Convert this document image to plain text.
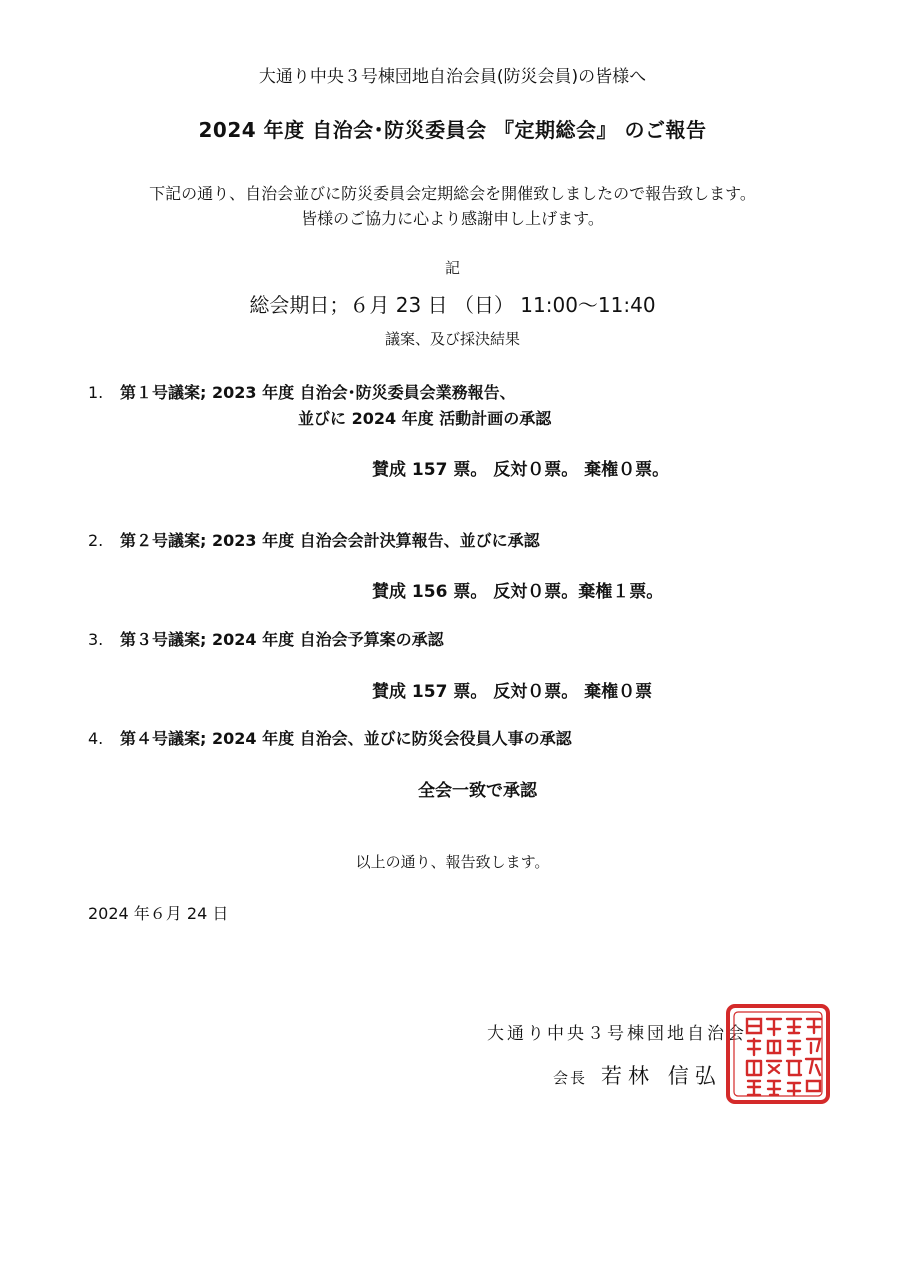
大通り中央３号棟団地自治会員(防災会員)の皆様へ
2024 年度 自治会･防災委員会 『定期総会』 のご報告
下記の通り、自治会並びに防災委員会定期総会を開催致しましたので報告致します。
皆様のご協力に心より感謝申し上げます。
記
総会期日；６月 23 日 （日） 11:00～11:40
議案、及び採決結果
1. 第１号議案; 2023 年度 自治会･防災委員会業務報告、
並びに 2024 年度 活動計画の承認
賛成 157 票。 反対０票。 棄権０票。
2. 第２号議案; 2023 年度 自治会会計決算報告、並びに承認
賛成 156 票。 反対０票。棄権１票。
3. 第３号議案; 2024 年度 自治会予算案の承認
賛成 157 票。 反対０票。 棄権０票
4. 第４号議案; 2024 年度 自治会、並びに防災会役員人事の承認
全会一致で承認
以上の通り、報告致します。
2024 年６月 24 日
大通り中央３号棟団地自治会
会長 若林 信弘
